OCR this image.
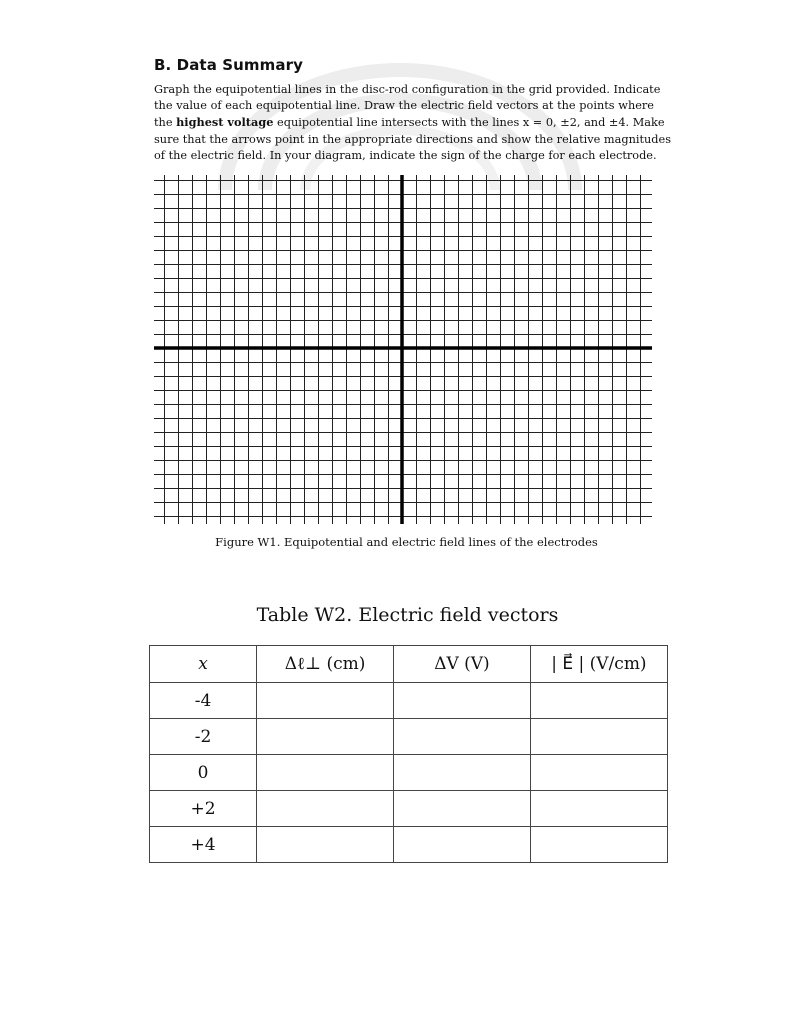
B. Data Summary
Graph the equipotential lines in the disc-rod configuration in the grid provided. Indicate
the value of each equipotential line. Draw the electric field vectors at the points where
the highest voltage equipotential line intersects with the lines x = 0, ±2, and ±4. Make
sure that the arrows point in the appropriate directions and show the relative magnitudes
of the electric field. In your diagram, indicate the sign of the charge for each electrode.
Figure W1. Equipotential and electric field lines of the electrodes
Table W2. Electric field vectors
x	Δℓ⊥ (cm)	ΔV (V)	| E⃗ | (V/cm)
-4			
-2			
0			
+2			
+4			
